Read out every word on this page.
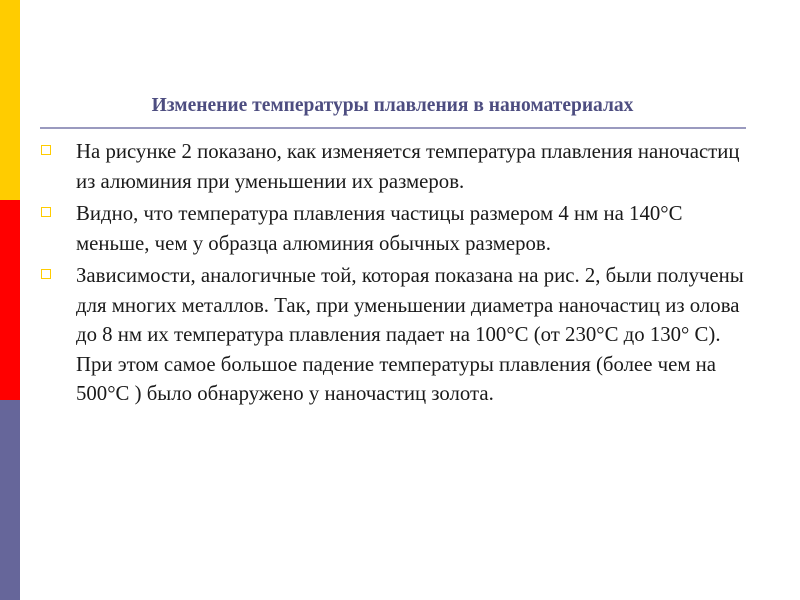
Изменение температуры плавления в наноматериалах
На рисунке 2 показано, как изменяется температура плавления наночастиц из алюминия при уменьшении их размеров.
Видно, что температура плавления частицы размером 4 нм на 140°С меньше, чем у образца алюминия обычных размеров.
Зависимости, аналогичные той, которая показана на рис. 2, были получены для многих металлов. Так, при уменьшении диаметра наночастиц из олова до 8 нм их температура плавления падает на 100°С (от 230°С до 130° С). При этом самое большое падение температуры плавления (более чем на 500°С ) было обнаружено у наночастиц золота.
